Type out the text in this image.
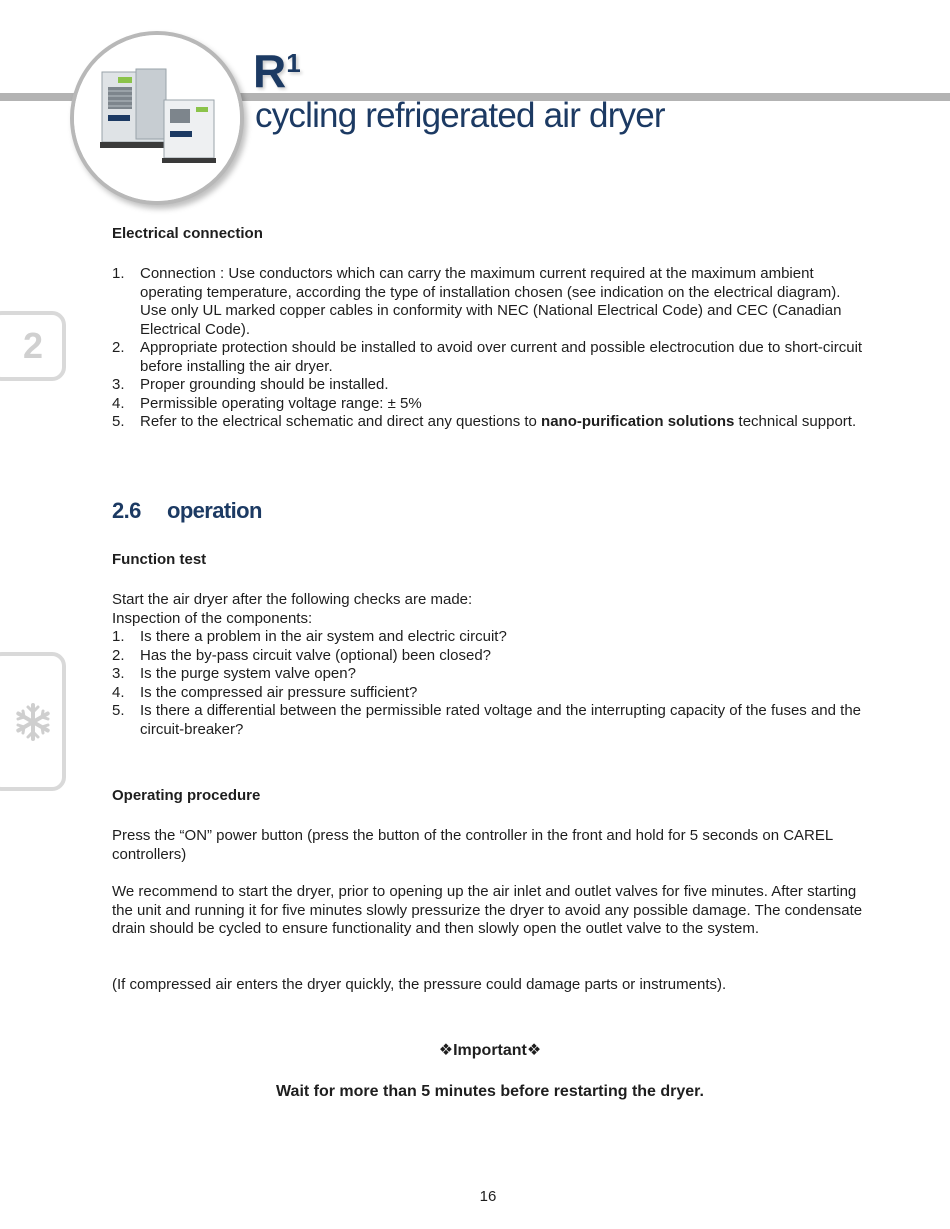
$R^1$
cycling refrigerated air dryer
2
Electrical connection
1. Connection : Use conductors which can carry the maximum current required at the maximum ambient operating temperature, according the type of installation chosen (see indication on the electrical diagram). Use only UL marked copper cables in conformity with NEC (National Electrical Code) and CEC (Canadian Electrical Code).
2. Appropriate protection should be installed to avoid over current and possible electrocution due to short-circuit before installing the air dryer.
3. Proper grounding should be installed.
4. Permissible operating voltage range: ± 5%
5. Refer to the electrical schematic and direct any questions to nano-purification solutions technical support.
2.6 operation
Function test

Start the air dryer after the following checks are made:
Inspection of the components:

1. Is there a problem in the air system and electric circuit?
2. Has the by-pass circuit valve (optional) been closed?
3. Is the purge system valve open?
4. Is the compressed air pressure sufficient?
5. Is there a differential between the permissible rated voltage and the interrupting capacity of the fuses and the circuit-breaker?
Operating procedure

Press the “ON” power button (press the button of the controller in the front and hold for 5 seconds on CAREL controllers)

We recommend to start the dryer, prior to opening up the air inlet and outlet valves for five minutes. After starting the unit and running it for five minutes slowly pressurize the dryer to avoid any possible damage. The condensate drain should be cycled to ensure functionality and then slowly open the outlet valve to the system.

(If compressed air enters the dryer quickly, the pressure could damage parts or instruments).

❖Important❖
Wait for more than 5 minutes before restarting the dryer.
16
